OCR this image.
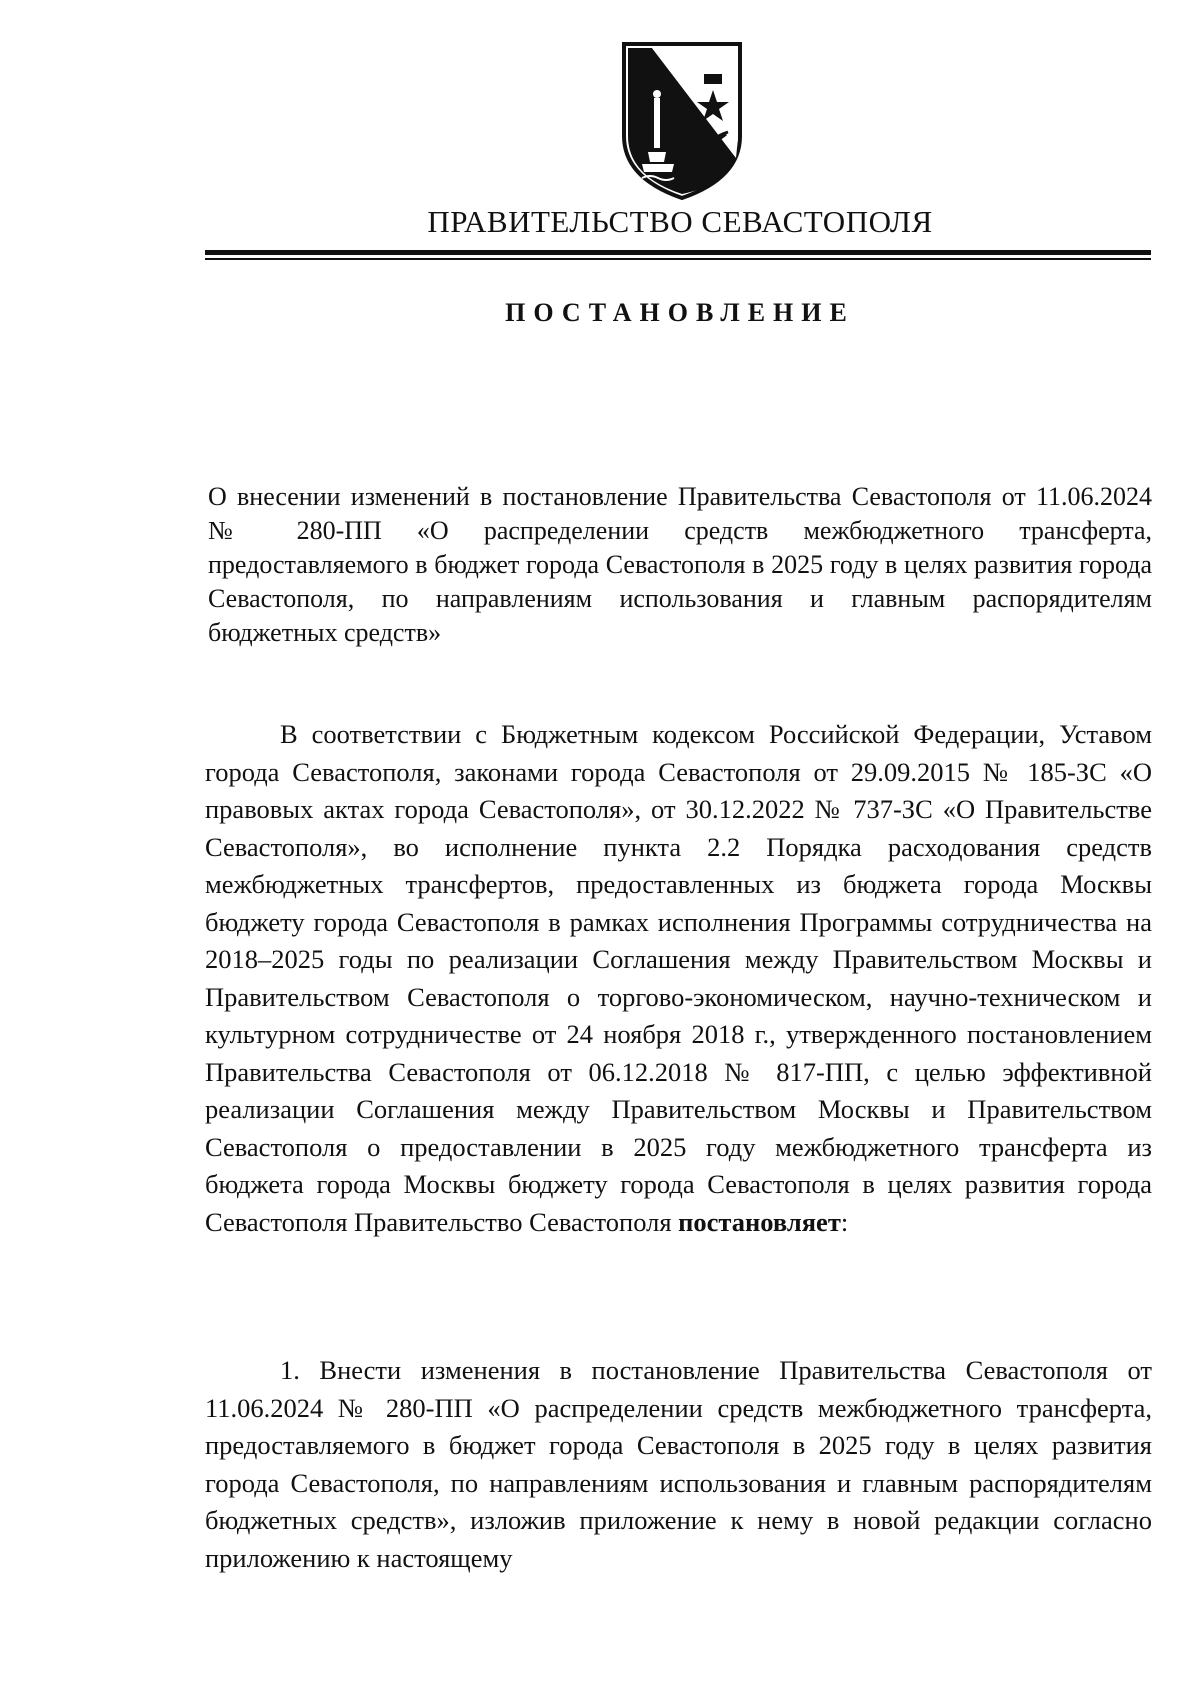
ПРАВИТЕЛЬСТВО СЕВАСТОПОЛЯ
ПОСТАНОВЛЕНИЕ
О внесении изменений в постановление Правительства Севастополя от 11.06.2024 № 280-ПП «О распределении средств межбюджетного трансферта, предоставляемого в бюджет города Севастополя в 2025 году в целях развития города Севастополя, по направлениям использования и главным распорядителям бюджетных средств»

В соответствии с Бюджетным кодексом Российской Федерации, Уставом города Севастополя, законами города Севастополя от 29.09.2015 № 185-ЗС «О правовых актах города Севастополя», от 30.12.2022 № 737-ЗС «О Правительстве Севастополя», во исполнение пункта 2.2 Порядка расходования средств межбюджетных трансфертов, предоставленных из бюджета города Москвы бюджету города Севастополя в рамках исполнения Программы сотрудничества на 2018–2025 годы по реализации Соглашения между Правительством Москвы и Правительством Севастополя о торгово-экономическом, научно-техническом и культурном сотрудничестве от 24 ноября 2018 г., утвержденного постановлением Правительства Севастополя от 06.12.2018 № 817-ПП, с целью эффективной реализации Соглашения между Правительством Москвы и Правительством Севастополя о предоставлении в 2025 году межбюджетного трансферта из бюджета города Москвы бюджету города Севастополя в целях развития города Севастополя Правительство Севастополя постановляет:

1. Внести изменения в постановление Правительства Севастополя от 11.06.2024 № 280-ПП «О распределении средств межбюджетного трансферта, предоставляемого в бюджет города Севастополя в 2025 году в целях развития города Севастополя, по направлениям использования и главным распорядителям бюджетных средств», изложив приложение к нему в новой редакции согласно приложению к настоящему
